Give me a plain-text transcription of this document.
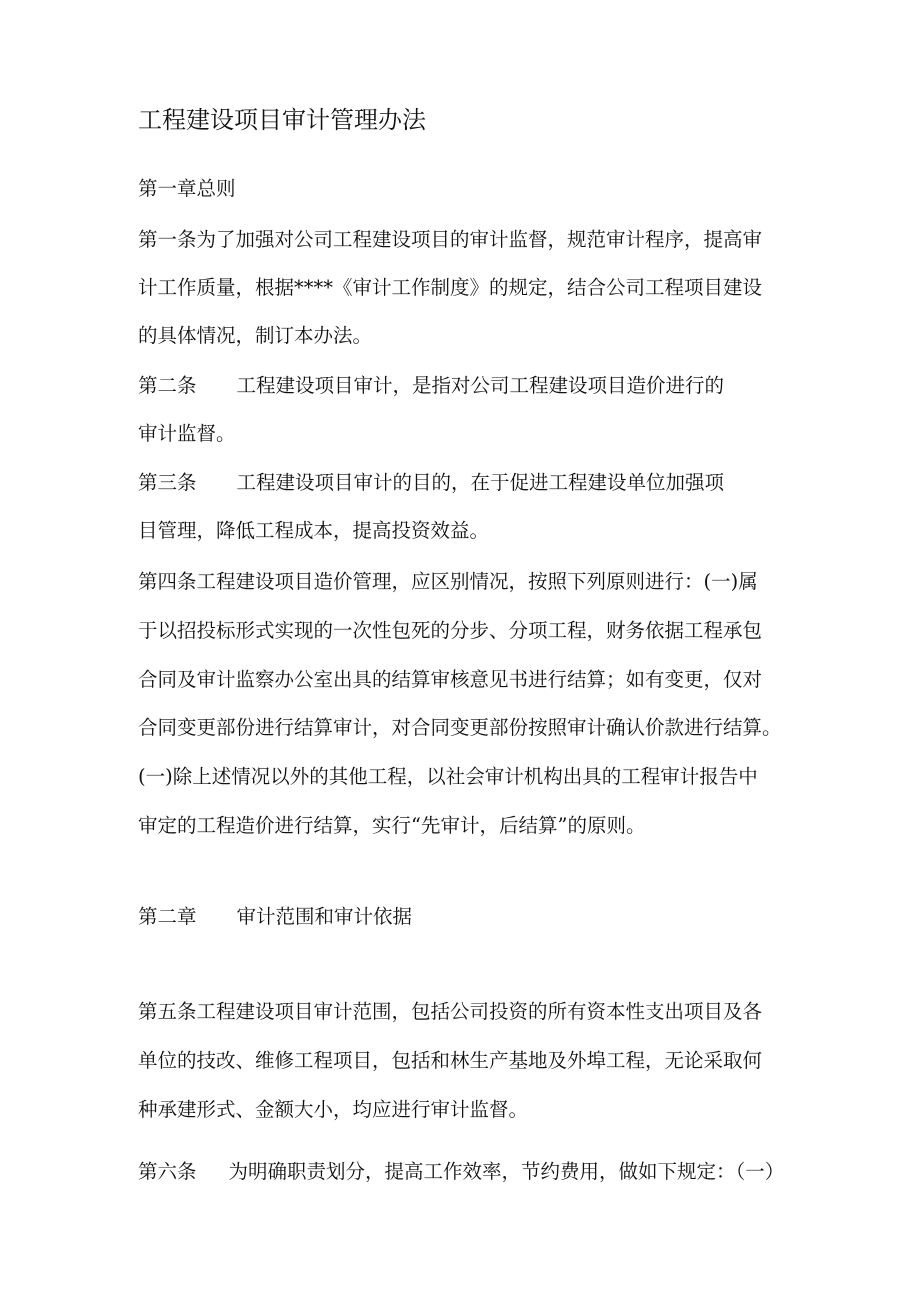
工程建设项目审计管理办法
第一章总则
第一条为了加强对公司工程建设项目的审计监督，规范审计程序，提高审
计工作质量，根据****《审计工作制度》的规定，结合公司工程项目建设
的具体情况，制订本办法。
第二条 工程建设项目审计，是指对公司工程建设项目造价进行的
审计监督。
第三条 工程建设项目审计的目的，在于促进工程建设单位加强项
目管理，降低工程成本，提高投资效益。
第四条工程建设项目造价管理，应区别情况，按照下列原则进行：(一)属
于以招投标形式实现的一次性包死的分步、分项工程，财务依据工程承包
合同及审计监察办公室出具的结算审核意见书进行结算；如有变更，仅对
合同变更部份进行结算审计，对合同变更部份按照审计确认价款进行结算。
(一)除上述情况以外的其他工程，以社会审计机构出具的工程审计报告中
审定的工程造价进行结算，实行“先审计，后结算”的原则。
第二章 审计范围和审计依据
第五条工程建设项目审计范围，包括公司投资的所有资本性支出项目及各
单位的技改、维修工程项目，包括和林生产基地及外埠工程，无论采取何
种承建形式、金额大小，均应进行审计监督。
第六条 为明确职责划分，提高工作效率，节约费用，做如下规定：（一）
